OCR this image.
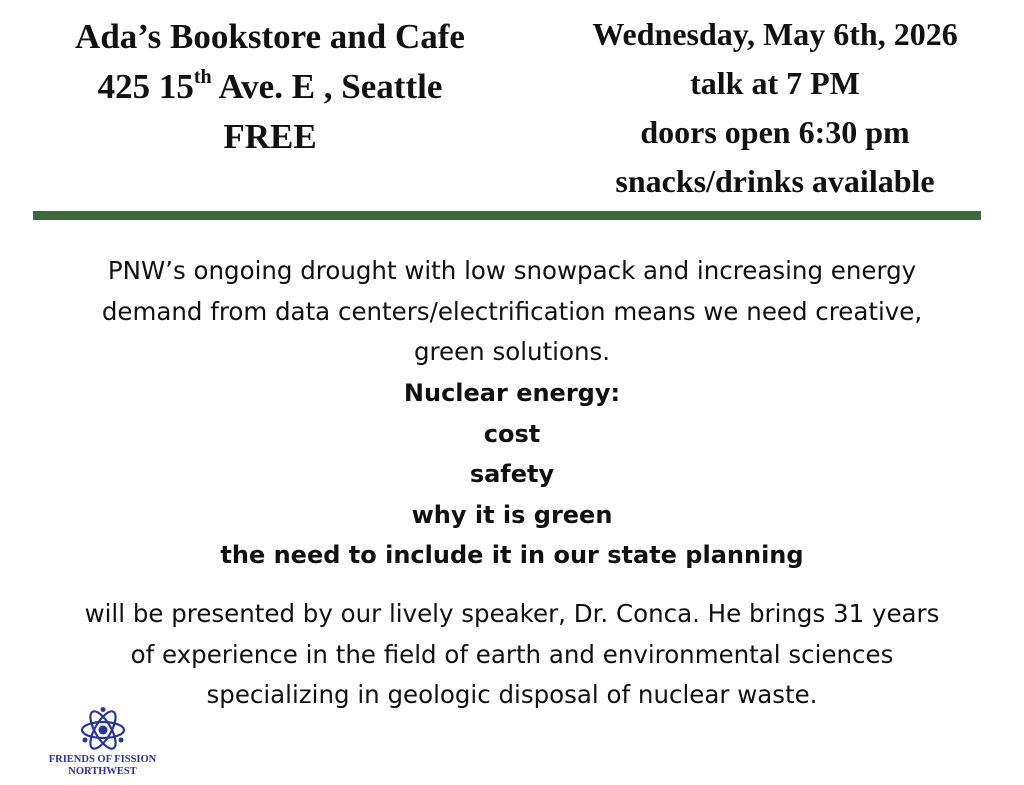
Ada’s Bookstore and Cafe
425 15th Ave. E , Seattle
FREE
Wednesday, May 6th, 2026
talk at 7 PM
doors open 6:30 pm
snacks/drinks available
PNW’s ongoing drought with low snowpack and increasing energy
demand from data centers/electrification means we need creative,
green solutions.
Nuclear energy:
cost
safety
why it is green
the need to include it in our state planning
will be presented by our lively speaker, Dr. Conca. He brings 31 years
of experience in the field of earth and environmental sciences
specializing in geologic disposal of nuclear waste.
FRIENDS OF FISSION
NORTHWEST
